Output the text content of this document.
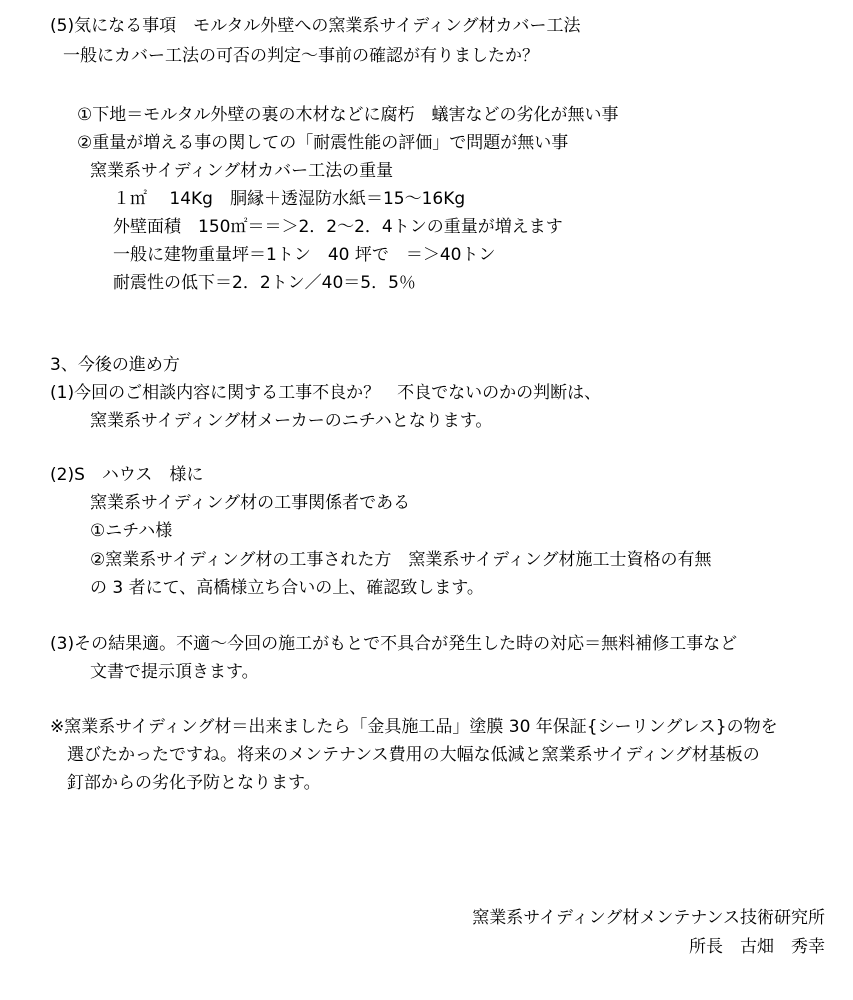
(5)気になる事項　モルタル外壁への窯業系サイディング材カバー工法

一般にカバー工法の可否の判定～事前の確認が有りましたか？

①下地＝モルタル外壁の裏の木材などに腐朽　蟻害などの劣化が無い事

②重量が増える事の関しての「耐震性能の評価」で問題が無い事

窯業系サイディング材カバー工法の重量

１㎡　 14Kg　胴縁＋透湿防水紙＝15～16Kg

外壁面積　150㎡＝＝＞2．2～2．4トンの重量が増えます

一般に建物重量坪＝1トン　40 坪で　＝＞40トン

耐震性の低下＝2．2トン／40＝5．5％

3、今後の進め方

(1)今回のご相談内容に関する工事不良か？　不良でないのかの判断は、

窯業系サイディング材メーカーのニチハとなります。

(2)S　ハウス　様に

窯業系サイディング材の工事関係者である

①ニチハ様

②窯業系サイディング材の工事された方　窯業系サイディング材施工士資格の有無

の 3 者にて、高橋様立ち合いの上、確認致します。

(3)その結果適。不適～今回の施工がもとで不具合が発生した時の対応＝無料補修工事など

文書で提示頂きます。

※窯業系サイディング材＝出来ましたら「金具施工品」塗膜 30 年保証{シーリングレス}の物を

選びたかったですね。将来のメンテナンス費用の大幅な低減と窯業系サイディング材基板の

釘部からの劣化予防となります。

窯業系サイディング材メンテナンス技術研究所

所長　古畑　秀幸
